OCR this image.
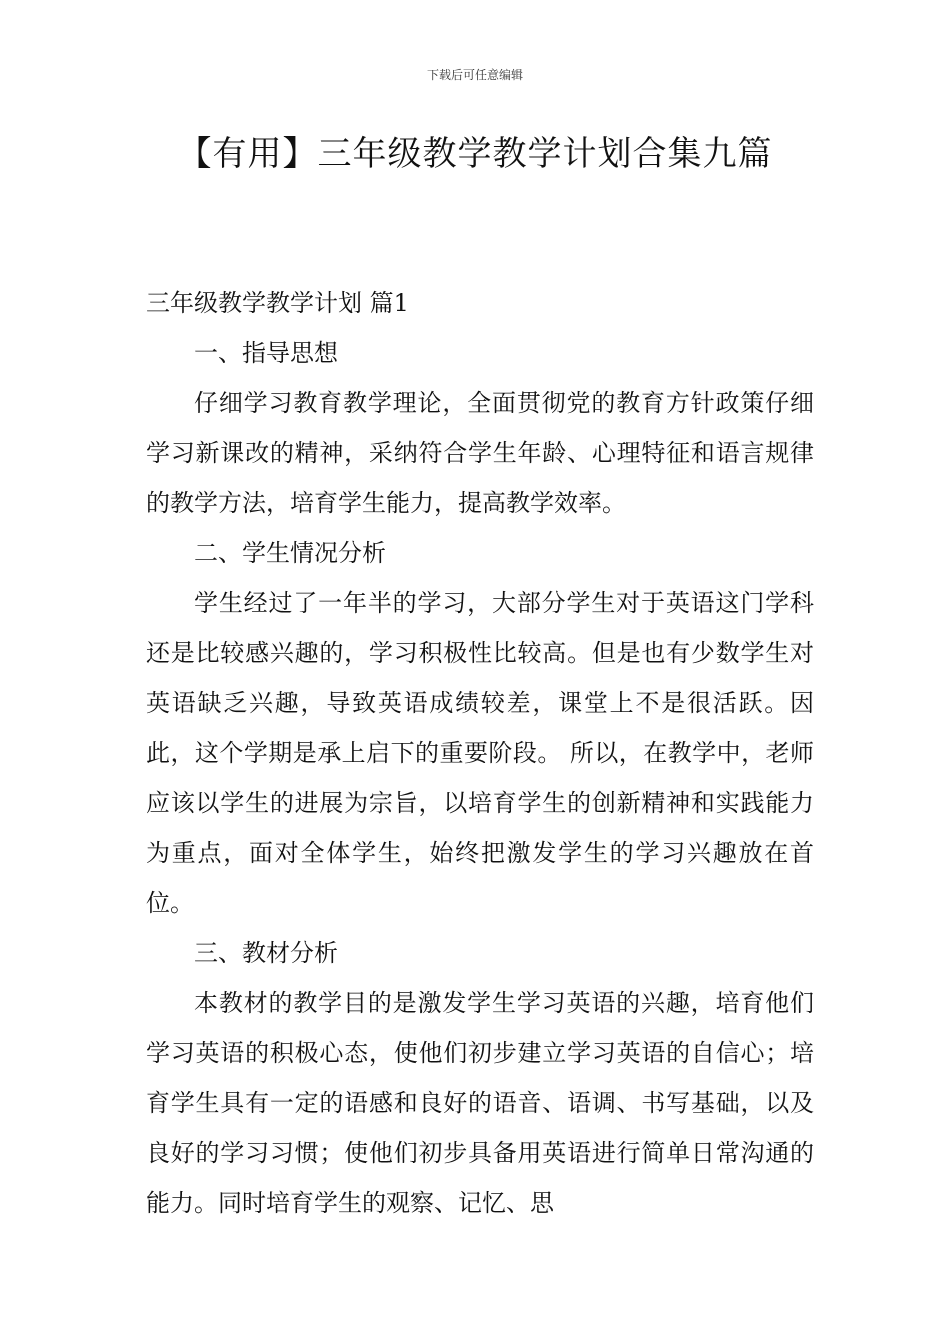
下载后可任意编辑
【有用】三年级教学教学计划合集九篇

三年级教学教学计划 篇1

一、指导思想

仔细学习教育教学理论，全面贯彻党的教育方针政策仔细学习新课改的精神，采纳符合学生年龄、心理特征和语言规律的教学方法，培育学生能力，提高教学效率。

二、学生情况分析

学生经过了一年半的学习，大部分学生对于英语这门学科还是比较感兴趣的，学习积极性比较高。但是也有少数学生对英语缺乏兴趣，导致英语成绩较差，课堂上不是很活跃。因此，这个学期是承上启下的重要阶段。 所以，在教学中，老师应该以学生的进展为宗旨，以培育学生的创新精神和实践能力为重点，面对全体学生，始终把激发学生的学习兴趣放在首位。

三、教材分析

本教材的教学目的是激发学生学习英语的兴趣，培育他们学习英语的积极心态，使他们初步建立学习英语的自信心；培育学生具有一定的语感和良好的语音、语调、书写基础，以及良好的学习习惯；使他们初步具备用英语进行简单日常沟通的能力。同时培育学生的观察、记忆、思
